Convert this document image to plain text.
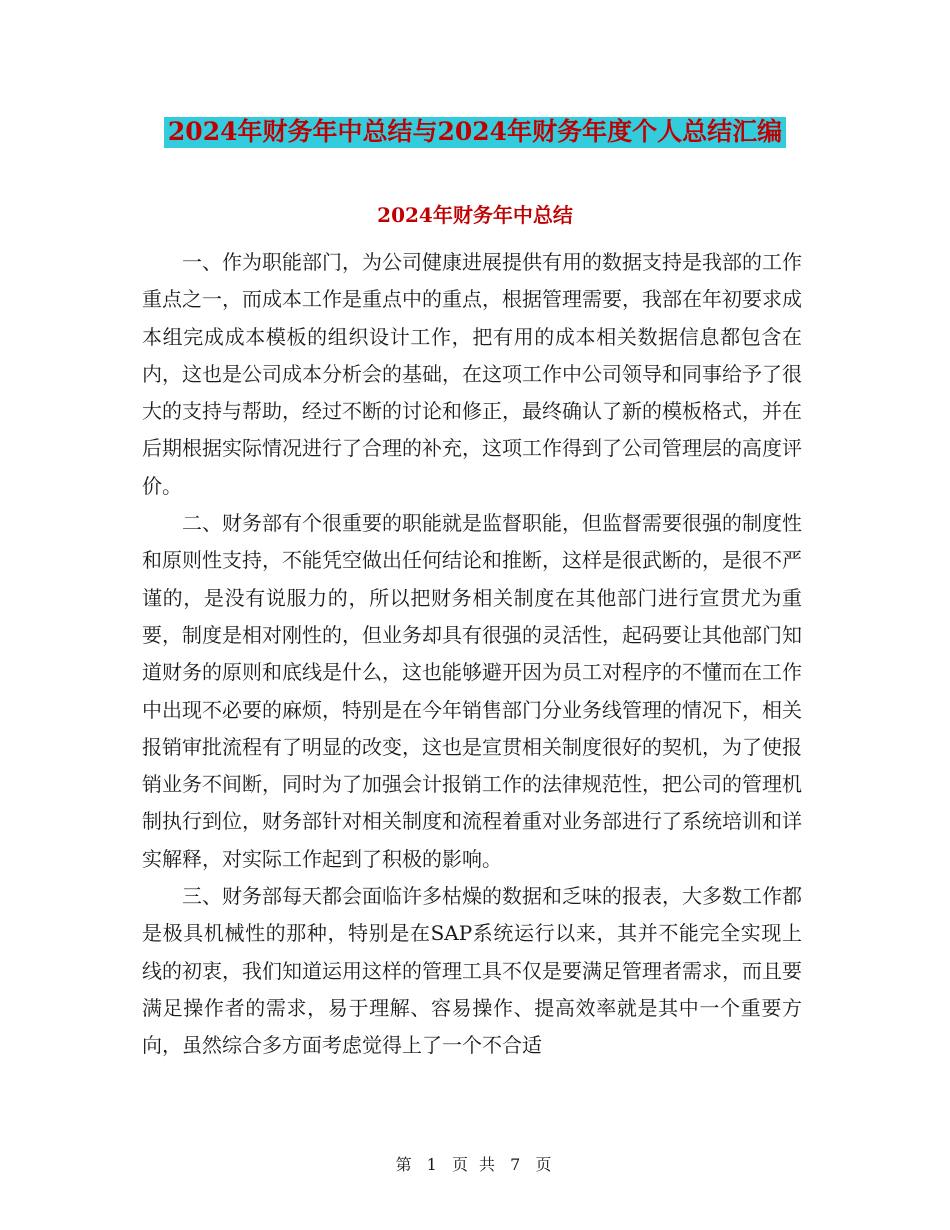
2024年财务年中总结与2024年财务年度个人总结汇编
2024年财务年中总结

一、作为职能部门，为公司健康进展提供有用的数据支持是我部的工作重点之一，而成本工作是重点中的重点，根据管理需要，我部在年初要求成本组完成成本模板的组织设计工作，把有用的成本相关数据信息都包含在内，这也是公司成本分析会的基础，在这项工作中公司领导和同事给予了很大的支持与帮助，经过不断的讨论和修正，最终确认了新的模板格式，并在后期根据实际情况进行了合理的补充，这项工作得到了公司管理层的高度评价。

二、财务部有个很重要的职能就是监督职能，但监督需要很强的制度性和原则性支持，不能凭空做出任何结论和推断，这样是很武断的，是很不严谨的，是没有说服力的，所以把财务相关制度在其他部门进行宣贯尤为重要，制度是相对刚性的，但业务却具有很强的灵活性，起码要让其他部门知道财务的原则和底线是什么，这也能够避开因为员工对程序的不懂而在工作中出现不必要的麻烦，特别是在今年销售部门分业务线管理的情况下，相关报销审批流程有了明显的改变，这也是宣贯相关制度很好的契机，为了使报销业务不间断，同时为了加强会计报销工作的法律规范性，把公司的管理机制执行到位，财务部针对相关制度和流程着重对业务部进行了系统培训和详实解释，对实际工作起到了积极的影响。

三、财务部每天都会面临许多枯燥的数据和乏味的报表，大多数工作都是极具机械性的那种，特别是在SAP系统运行以来，其并不能完全实现上线的初衷，我们知道运用这样的管理工具不仅是要满足管理者需求，而且要满足操作者的需求，易于理解、容易操作、提高效率就是其中一个重要方向，虽然综合多方面考虑觉得上了一个不合适

第 1 页 共 7 页
